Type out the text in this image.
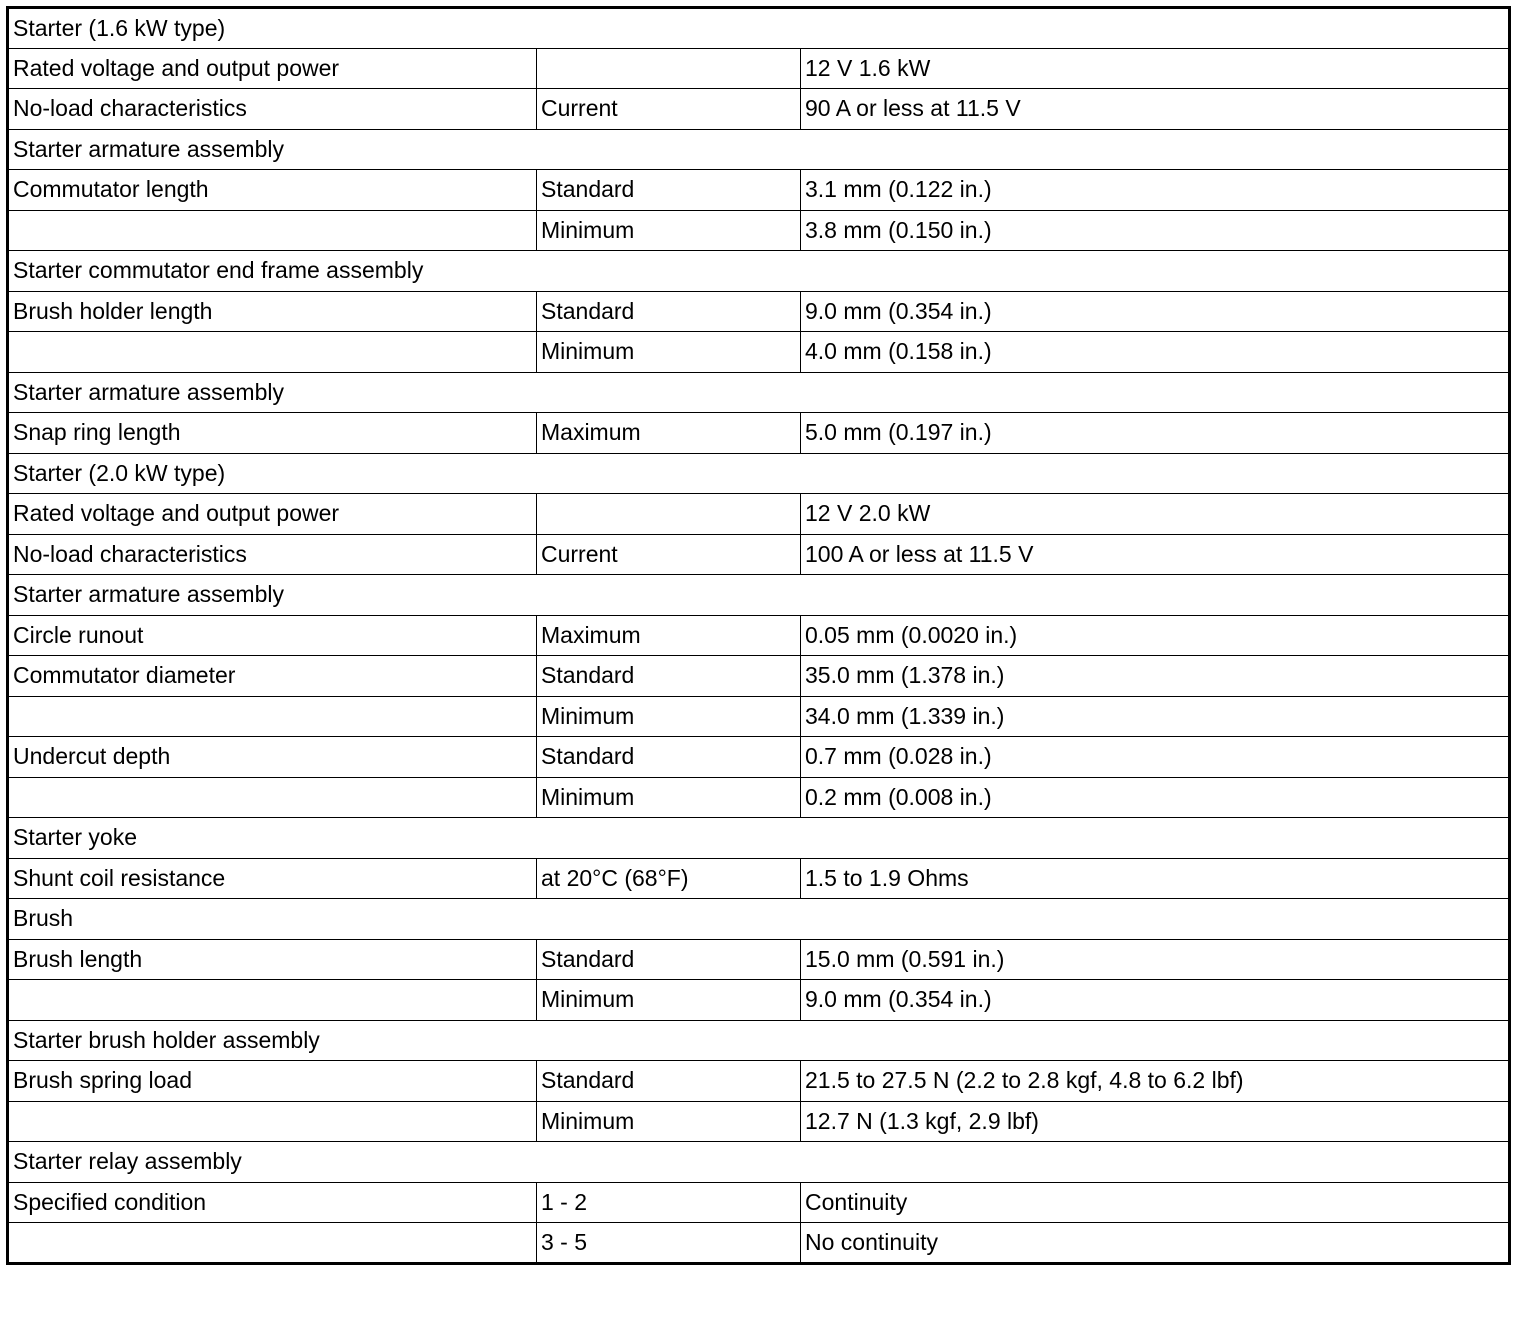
Starter (1.6 kW type)		
Rated voltage and output power		12 V 1.6 kW
No-load characteristics	Current	90 A or less at 11.5 V
Starter armature assembly		
Commutator length	Standard	3.1 mm (0.122 in.)
	Minimum	3.8 mm (0.150 in.)
Starter commutator end frame assembly		
Brush holder length	Standard	9.0 mm (0.354 in.)
	Minimum	4.0 mm (0.158 in.)
Starter armature assembly		
Snap ring length	Maximum	5.0 mm (0.197 in.)
Starter (2.0 kW type)		
Rated voltage and output power		12 V 2.0 kW
No-load characteristics	Current	100 A or less at 11.5 V
Starter armature assembly		
Circle runout	Maximum	0.05 mm (0.0020 in.)
Commutator diameter	Standard	35.0 mm (1.378 in.)
	Minimum	34.0 mm (1.339 in.)
Undercut depth	Standard	0.7 mm (0.028 in.)
	Minimum	0.2 mm (0.008 in.)
Starter yoke		
Shunt coil resistance	at 20°C (68°F)	1.5 to 1.9 Ohms
Brush		
Brush length	Standard	15.0 mm (0.591 in.)
	Minimum	9.0 mm (0.354 in.)
Starter brush holder assembly		
Brush spring load	Standard	21.5 to 27.5 N (2.2 to 2.8 kgf, 4.8 to 6.2 lbf)
	Minimum	12.7 N (1.3 kgf, 2.9 lbf)
Starter relay assembly		
Specified condition	1 - 2	Continuity
	3 - 5	No continuity
